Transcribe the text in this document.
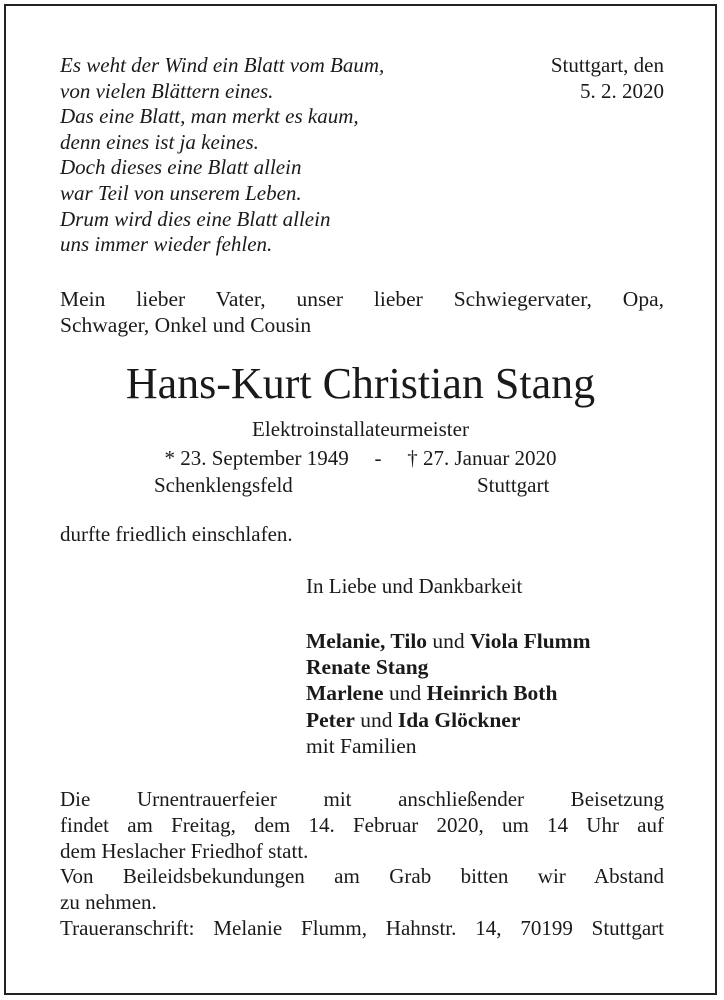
Es weht der Wind ein Blatt vom Baum,
von vielen Blättern eines.
Das eine Blatt, man merkt es kaum,
denn eines ist ja keines.
Doch dieses eine Blatt allein
war Teil von unserem Leben.
Drum wird dies eine Blatt allein
uns immer wieder fehlen.
Stuttgart, den
5. 2. 2020
Mein lieber Vater, unser lieber Schwiegervater, Opa,
Schwager, Onkel und Cousin
Hans-Kurt Christian Stang
Elektroinstallateurmeister
* 23. September 1949 - † 27. Januar 2020
Schenklengsfeld	Stuttgart
durfte friedlich einschlafen.
In Liebe und Dankbarkeit
Melanie, Tilo und Viola Flumm
Renate Stang
Marlene und Heinrich Both
Peter und Ida Glöckner
mit Familien
Die Urnentrauerfeier mit anschließender Beisetzung
findet am Freitag, dem 14. Februar 2020, um 14 Uhr auf
dem Heslacher Friedhof statt.
Von Beileidsbekundungen am Grab bitten wir Abstand
zu nehmen.
Traueranschrift: Melanie Flumm, Hahnstr. 14, 70199 Stuttgart
